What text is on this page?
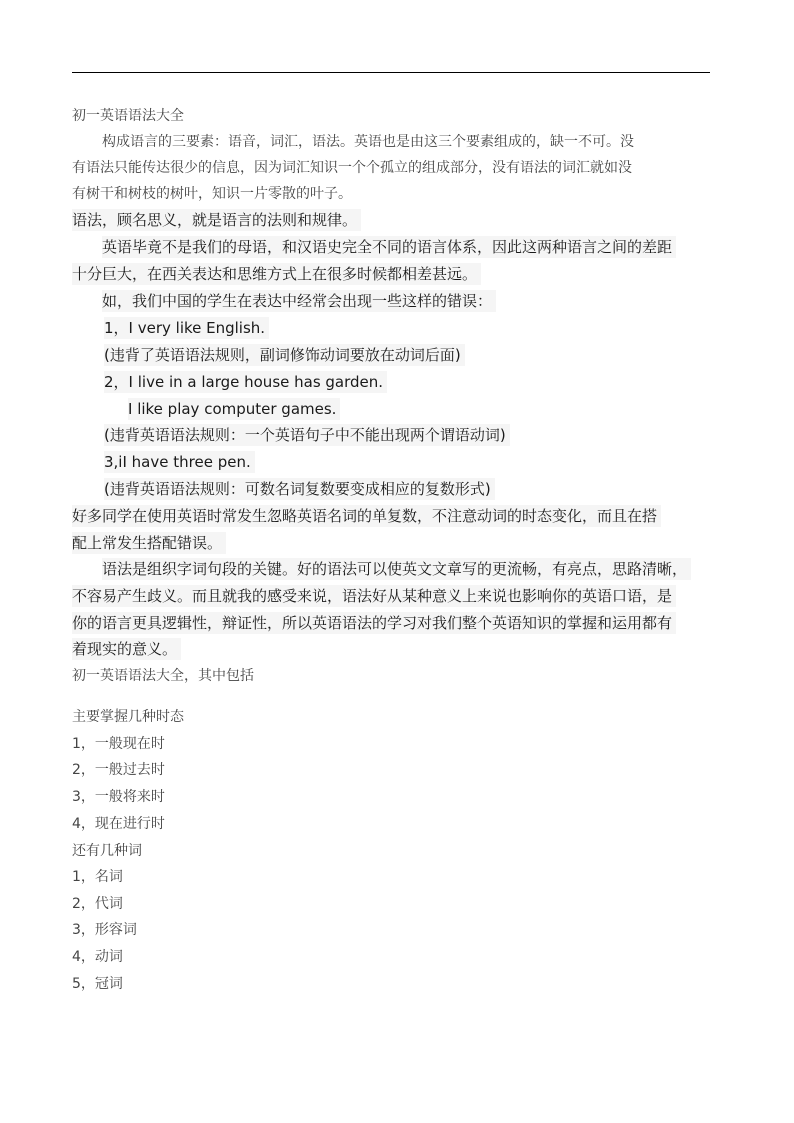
初一英语语法大全
构成语言的三要素：语音，词汇，语法。英语也是由这三个要素组成的，缺一不可。没
有语法只能传达很少的信息，因为词汇知识一个个孤立的组成部分，没有语法的词汇就如没
有树干和树枝的树叶，知识一片零散的叶子。
语法，顾名思义，就是语言的法则和规律。
英语毕竟不是我们的母语，和汉语史完全不同的语言体系，因此这两种语言之间的差距
十分巨大，在西关表达和思维方式上在很多时候都相差甚远。
如，我们中国的学生在表达中经常会出现一些这样的错误：
1，I very like English.
(违背了英语语法规则，副词修饰动词要放在动词后面)
2，I live in a large house has garden.
I like play computer games.
(违背英语语法规则：一个英语句子中不能出现两个谓语动词)
3,iI have three pen.
(违背英语语法规则：可数名词复数要变成相应的复数形式)
好多同学在使用英语时常发生忽略英语名词的单复数，不注意动词的时态变化，而且在搭
配上常发生搭配错误。
语法是组织字词句段的关键。好的语法可以使英文文章写的更流畅，有亮点，思路清晰，
不容易产生歧义。而且就我的感受来说，语法好从某种意义上来说也影响你的英语口语，是
你的语言更具逻辑性，辩证性，所以英语语法的学习对我们整个英语知识的掌握和运用都有
着现实的意义。
初一英语语法大全，其中包括
主要掌握几种时态
1，一般现在时
2，一般过去时
3，一般将来时
4，现在进行时
还有几种词
1，名词
2，代词
3，形容词
4，动词
5，冠词
